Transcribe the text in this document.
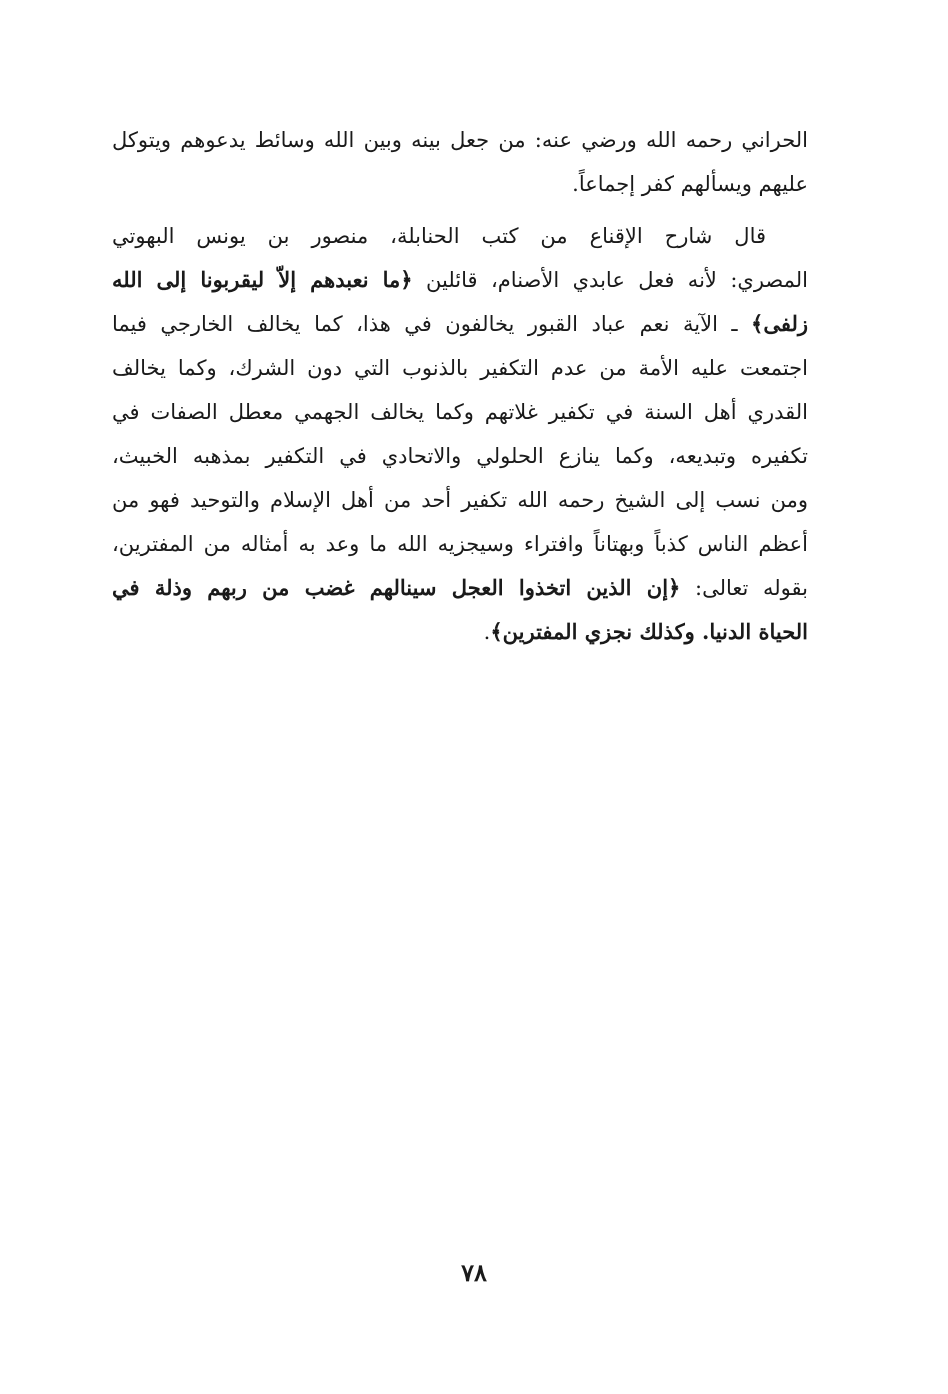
الحراني رحمه الله ورضي عنه: من جعل بينه وبين الله وسائط يدعوهم ويتوكل
عليهم ويسألهم كفر إجماعاً.

قال شارح الإقناع من كتب الحنابلة، منصور بن يونس البهوتي
المصري: لأنه فعل عابدي الأصنام، قائلين ﴿ما نعبدهم إلاّ ليقربونا إلى الله
زلفى﴾ ـ الآية نعم عباد القبور يخالفون في هذا، كما يخالف الخارجي فيما
اجتمعت عليه الأمة من عدم التكفير بالذنوب التي دون الشرك، وكما يخالف
القدري أهل السنة في تكفير غلاتهم وكما يخالف الجهمي معطل الصفات في
تكفيره وتبديعه، وكما ينازع الحلولي والاتحادي في التكفير بمذهبه الخبيث،
ومن نسب إلى الشيخ رحمه الله تكفير أحد من أهل الإسلام والتوحيد فهو من
أعظم الناس كذباً وبهتاناً وافتراء وسيجزيه الله ما وعد به أمثاله من المفترين،
بقوله تعالى: ﴿إن الذين اتخذوا العجل سينالهم غضب من ربهم وذلة في
الحياة الدنيا. وكذلك نجزي المفترين﴾.

٧٨
